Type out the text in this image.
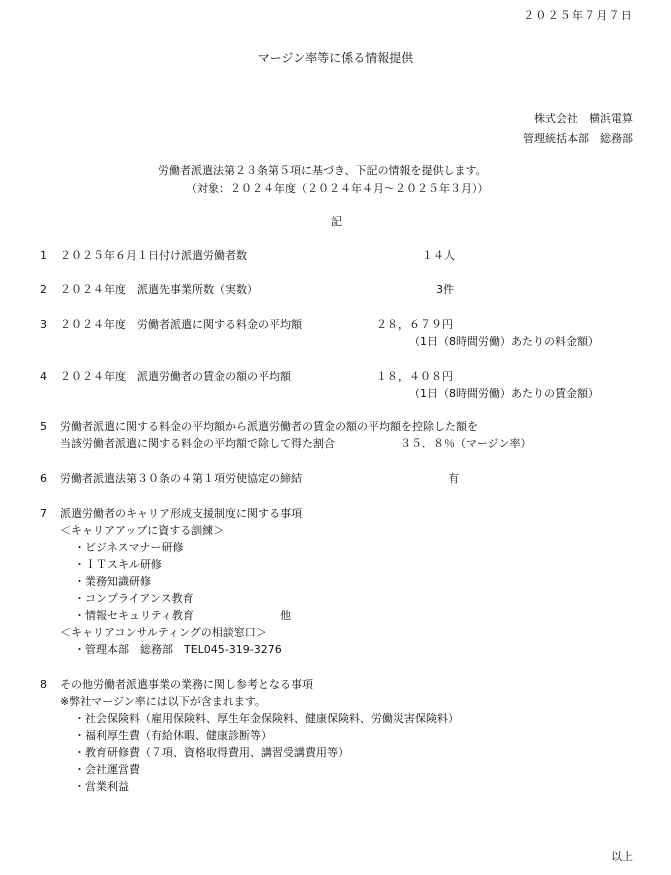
２０２５年７月７日
マージン率等に係る情報提供
株式会社　横浜電算
管理統括本部　総務部
労働者派遣法第２３条第５項に基づき、下記の情報を提供します。
（対象：２０２４年度（２０２４年４月～２０２５年３月））
記
1 ２０２５年６月１日付け派遣労働者数	１４人
2 ２０２４年度　派遣先事業所数（実数）	3件
3 ２０２４年度　労働者派遣に関する料金の平均額	２８，６７９円
（1日（8時間労働）あたりの料金額）
4 ２０２４年度　派遣労働者の賃金の額の平均額	１８，４０８円
（1日（8時間労働）あたりの賃金額）
5 労働者派遣に関する料金の平均額から派遣労働者の賃金の額の平均額を控除した額を
当該労働者派遣に関する料金の平均額で除して得た割合	３５．８％（マージン率）
6 労働者派遣法第３０条の４第１項労使協定の締結	有
7 派遣労働者のキャリア形成支援制度に関する事項
＜キャリアアップに資する訓練＞
・ビジネスマナー研修
・ＩＴスキル研修
・業務知識研修
・コンプライアンス教育
・情報セキュリティ教育	他
＜キャリアコンサルティングの相談窓口＞
・管理本部　総務部　TEL045-319-3276
8 その他労働者派遣事業の業務に関し参考となる事項
※弊社マージン率には以下が含まれます。
・社会保険料（雇用保険料、厚生年金保険料、健康保険料、労働災害保険料）
・福利厚生費（有給休暇、健康診断等）
・教育研修費（７項、資格取得費用、講習受講費用等）
・会社運営費
・営業利益
以上
